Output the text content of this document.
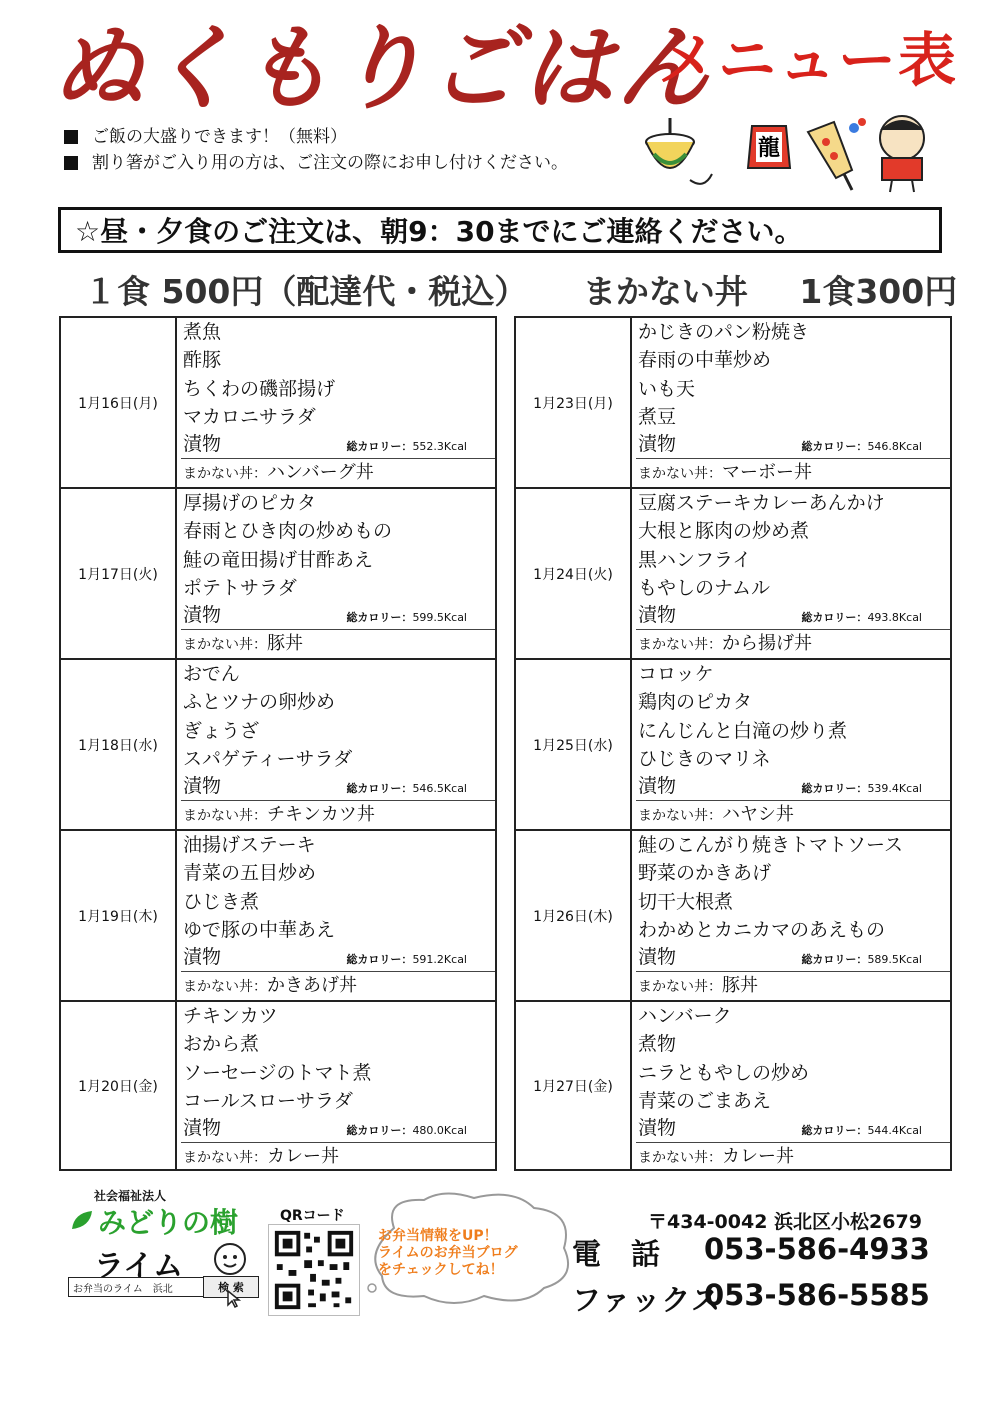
ぬくもりごはん
メニュー表
ご飯の大盛りできます！（無料）
割り箸がご入り用の方は、ご注文の際にお申し付けください。
龍
☆昼・夕食のご注文は、朝9：30までにご連絡ください。
１食 500円（配達代・税込） まかない丼 1食300円
1月16日(月)
煮魚
酢豚
ちくわの磯部揚げ
マカロニサラダ
漬物	総カロリー：552.3Kcal
まかない丼：ハンバーグ丼
1月17日(火)
厚揚げのピカタ
春雨とひき肉の炒めもの
鮭の竜田揚げ甘酢あえ
ポテトサラダ
漬物	総カロリー：599.5Kcal
まかない丼：豚丼
1月18日(水)
おでん
ふとツナの卵炒め
ぎょうざ
スパゲティーサラダ
漬物	総カロリー：546.5Kcal
まかない丼：チキンカツ丼
1月19日(木)
油揚げステーキ
青菜の五目炒め
ひじき煮
ゆで豚の中華あえ
漬物	総カロリー：591.2Kcal
まかない丼：かきあげ丼
1月20日(金)
チキンカツ
おから煮
ソーセージのトマト煮
コールスローサラダ
漬物	総カロリー：480.0Kcal
まかない丼：カレー丼
1月23日(月)
かじきのパン粉焼き
春雨の中華炒め
いも天
煮豆
漬物	総カロリー：546.8Kcal
まかない丼：マーボー丼
1月24日(火)
豆腐ステーキカレーあんかけ
大根と豚肉の炒め煮
黒ハンフライ
もやしのナムル
漬物	総カロリー：493.8Kcal
まかない丼：から揚げ丼
1月25日(水)
コロッケ
鶏肉のピカタ
にんじんと白滝の炒り煮
ひじきのマリネ
漬物	総カロリー：539.4Kcal
まかない丼：ハヤシ丼
1月26日(木)
鮭のこんがり焼きトマトソース
野菜のかきあげ
切干大根煮
わかめとカニカマのあえもの
漬物	総カロリー：589.5Kcal
まかない丼：豚丼
1月27日(金)
ハンバーク
煮物
ニラともやしの炒め
青菜のごまあえ
漬物	総カロリー：544.4Kcal
まかない丼：カレー丼
社会福祉法人
みどりの樹
ライム
お弁当のライム　浜北	検 索
QRコード
お弁当情報をUP！
ライムのお弁当ブログ
をチェックしてね！
〒434-0042 浜北区小松2679
電話 053-586-4933
ファックス
053-586-5585
